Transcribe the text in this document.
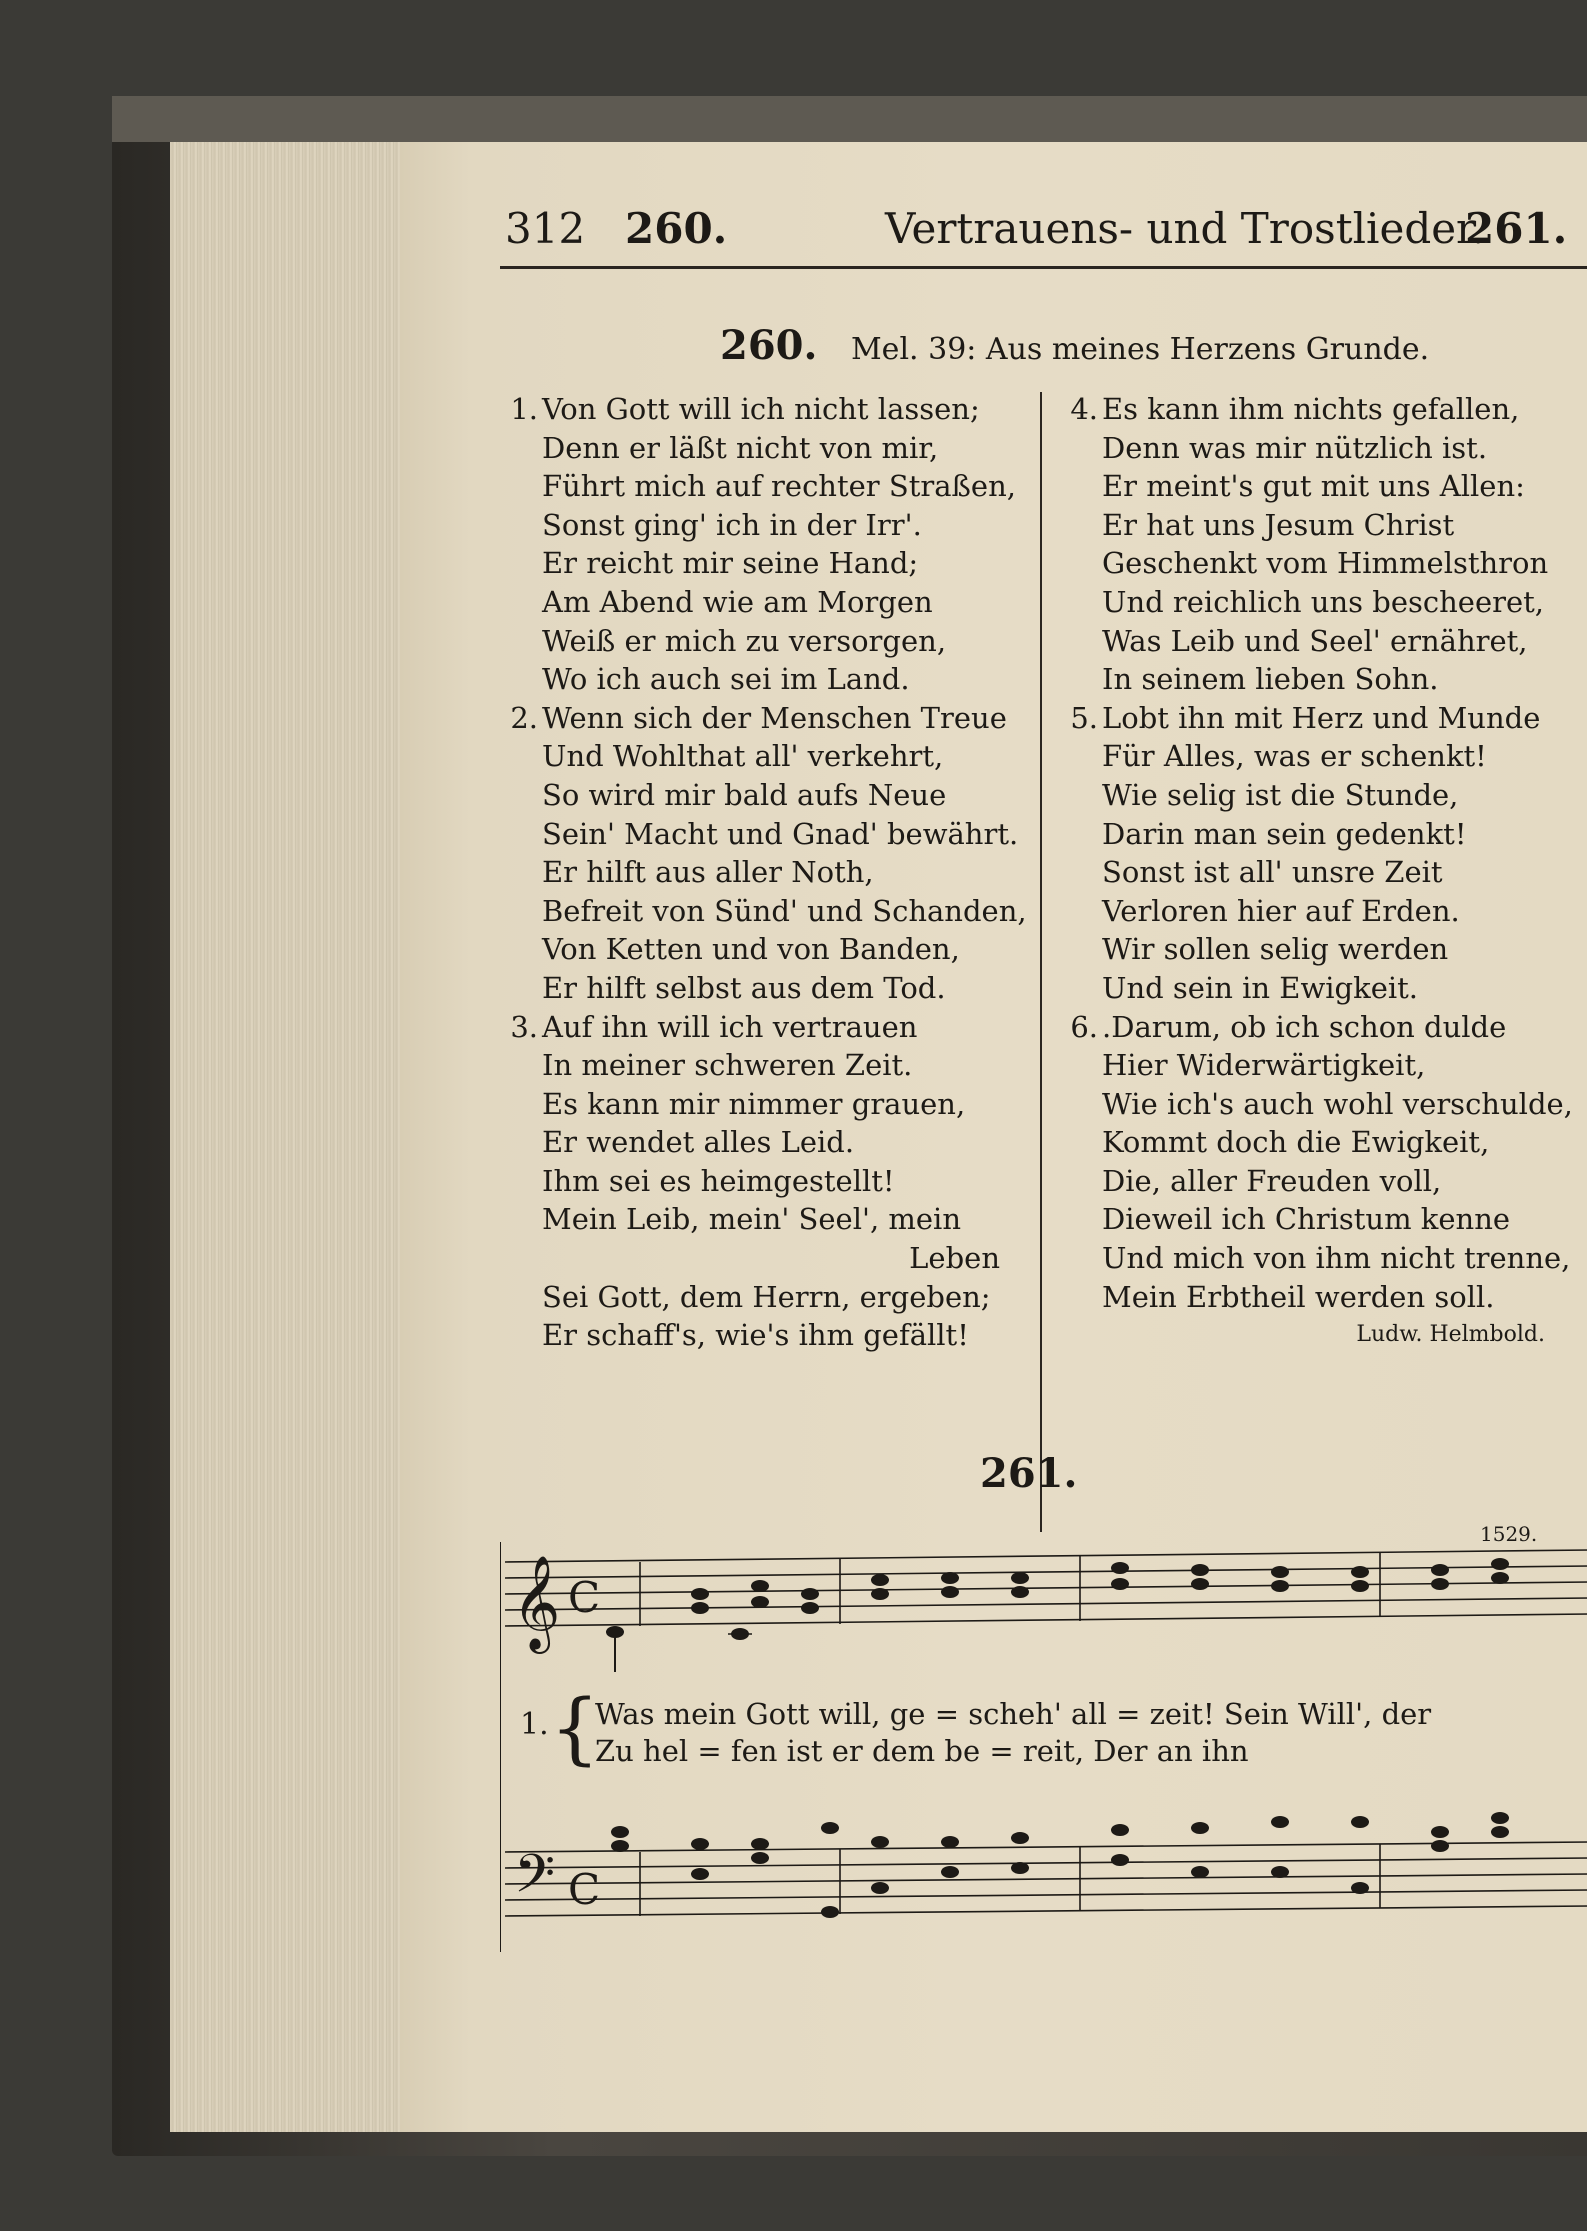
312 260.	Vertrauens- und Trostlieder.
261.
260. Mel. 39: Aus meines Herzens Grunde.
1. Von Gott will ich nicht lassen;
Denn er läßt nicht von mir,
Führt mich auf rechter Straßen,
Sonst ging' ich in der Irr'.
Er reicht mir seine Hand;
Am Abend wie am Morgen
Weiß er mich zu versorgen,
Wo ich auch sei im Land.
2. Wenn sich der Menschen Treue
Und Wohlthat all' verkehrt,
So wird mir bald aufs Neue
Sein' Macht und Gnad' bewährt.
Er hilft aus aller Noth,
Befreit von Sünd' und Schanden,
Von Ketten und von Banden,
Er hilft selbst aus dem Tod.
3. Auf ihn will ich vertrauen
In meiner schweren Zeit.
Es kann mir nimmer grauen,
Er wendet alles Leid.
Ihm sei es heimgestellt!
Mein Leib, mein' Seel', mein
Leben
Sei Gott, dem Herrn, ergeben;
Er schaff's, wie's ihm gefällt!
4. Es kann ihm nichts gefallen,
Denn was mir nützlich ist.
Er meint's gut mit uns Allen:
Er hat uns Jesum Christ
Geschenkt vom Himmelsthron
Und reichlich uns bescheeret,
Was Leib und Seel' ernähret,
In seinem lieben Sohn.
5. Lobt ihn mit Herz und Munde
Für Alles, was er schenkt!
Wie selig ist die Stunde,
Darin man sein gedenkt!
Sonst ist all' unsre Zeit
Verloren hier auf Erden.
Wir sollen selig werden
Und sein in Ewigkeit.
6. .Darum, ob ich schon dulde
Hier Widerwärtigkeit,
Wie ich's auch wohl verschulde,
Kommt doch die Ewigkeit,
Die, aller Freuden voll,
Dieweil ich Christum kenne
Und mich von ihm nicht trenne,
Mein Erbtheil werden soll.
Ludw. Helmbold.
261.
1529.
𝄞 C
𝄢 C
{
1. Was mein Gott will, ge = scheh' all = zeit! Sein Will', der
Zu hel = fen ist er dem be = reit, Der an ihn
